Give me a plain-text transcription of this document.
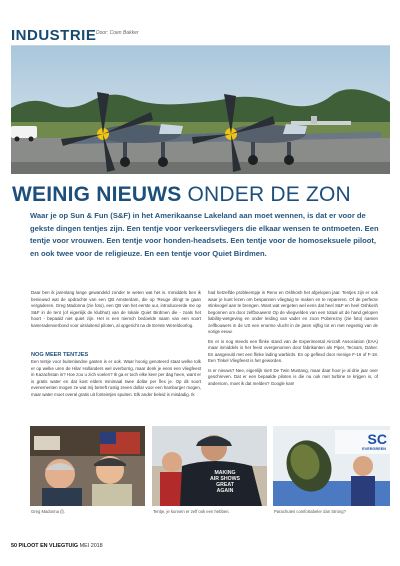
INDUSTRIE Door: Coen Bakker
WEINIG NIEUWS ONDER DE ZON
Waar je op Sun & Fun (S&F) in het Amerikaanse Lakeland aan moet wennen, is dat er voor de gekste dingen tentjes zijn. Een tentje voor verkeersvliegers die elkaar wensen te ontmoeten. Een tentje voor vrouwen. Een tentje voor honden-headsets. Een tentje voor de homoseksuele piloot, en ook twee voor de religieuze. En een tentje voor Quiet Birdmen.

Daar ben ik jarenlang lange gewandeld zonder te weten wat het is. Inmiddels ben ik benieuwd wat de opdrachte van een QB Amsterdam, die op 'Reuge dringt te gaan vergaderen. Greg Madonna (zie foto), een QB van het eerste uur, introduceerde me op S&F in de tent (of eigenlijk de klubhut) van de lokale Quiet Birdmen die - zoals het hoort - bepaald niet quiet zijn. Het is een niemch bedoelde naam van een soort kameradenverbond voor uitsluitend piloten, al opgericht na de Eerste Wereldoorlog.

NOG MEER TENTJES

Een tentje voor buitenlandse gasten is er ook. Waar hoorig genoteerd staat welke tolk er op welke uren de Hilar Hollanders wel overborrig, maar denk je eens een vliegfeest in Kazachstan in? Hoe zou u zich voelen? Ik ga er toch elke keer per dag heen, want er is gratis water en dat kost elders minimaal twee dollar per fles je. Op dit soort evenementen mogen ze wat mij betreft rustig zeven dollar voor een hamburger mogen, maar water moet overal gratis uit fonteintjes spuiten. Elk ander beleid is misdadig. Ik

had hetzelfde probleempje in Reno en Oshkosh het afgelopen jaar. Tentjes zijn er ook waar je kunt lezen om bespannen vliegtuig te maken en te repareren. Of de perfecte stinkvogel aan te brengen. Want wat vergeten wel eens dat heel S&F en heel Oshkosh begonnen om door zelfbouwers! Op de vliegvelden van een totaal uit de hand gelopen liability-wetgeving en onder leiding van vader en zoon Poberezny (zie foto) namen zelfbouwers in de US een enorme vlucht in de jaren vijftig tot en met negentig van de vorige eeuw.

En er is nog steeds een flinke stand van de Experimental Aircraft Association (EAA) maar inmiddels is het feest overgenomen door fabrikanten als Piper, Tecnam, Daher. En aangevuld met een flinke lading warbirds. En op geflexd door menige F-16 of F-18. Een Tinkel Vliegfeest is het geworden.

Is er nieuws? Nee, eigenlijk niet! De Twin Mustang, maar daar hoor je al drie jaar over geschreven. Dat er een bepaalde piloten is die nu ook met turbine te krijgen is, of andersom, moet ik dat melden? Google kan!

Greg Madonna (l).
MAKING
AIR SHOWS
GREAT
AGAIN
Tentje, je kunnen er zelf ook een hebben.
SC
EVERGREEN
Parachutes comfortabeler dan Strong?
50 PILOOT EN VLIEGTUIG MEI 2018
